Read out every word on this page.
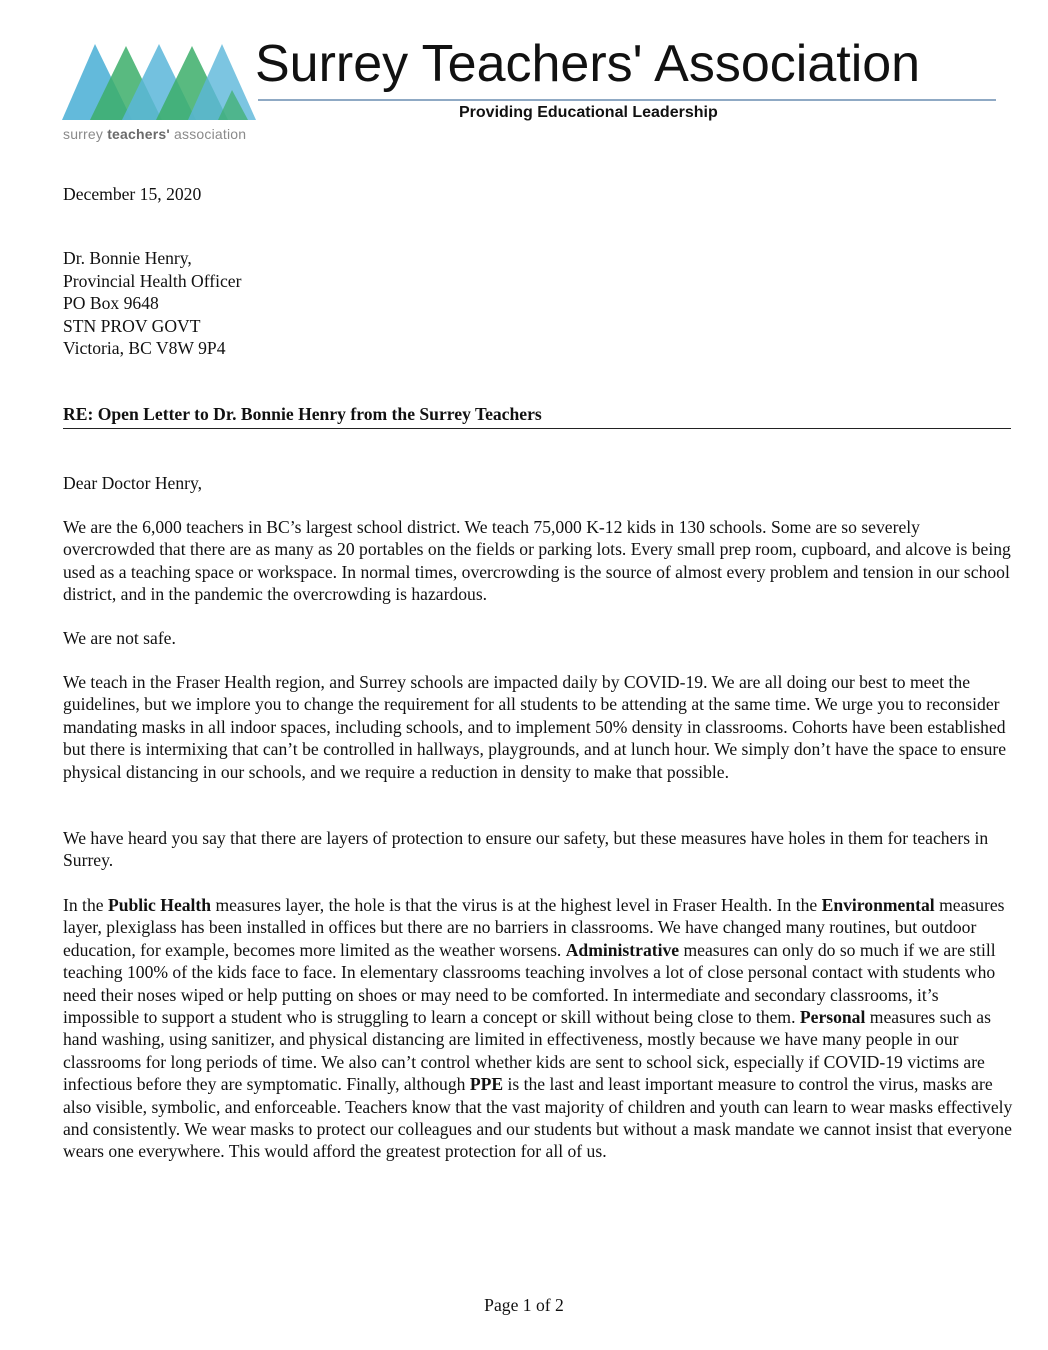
surrey teachers' association
Surrey Teachers' Association
Providing Educational Leadership
December 15, 2020
Dr. Bonnie Henry,
Provincial Health Officer
PO Box 9648
STN PROV GOVT
Victoria, BC V8W 9P4
RE: Open Letter to Dr. Bonnie Henry from the Surrey Teachers
Dear Doctor Henry,

We are the 6,000 teachers in BC’s largest school district. We teach 75,000 K-12 kids in 130 schools. Some are so severely overcrowded that there are as many as 20 portables on the fields or parking lots. Every small prep room, cupboard, and alcove is being used as a teaching space or workspace. In normal times, overcrowding is the source of almost every problem and tension in our school district, and in the pandemic the overcrowding is hazardous.

We are not safe.

We teach in the Fraser Health region, and Surrey schools are impacted daily by COVID-19. We are all doing our best to meet the guidelines, but we implore you to change the requirement for all students to be attending at the same time. We urge you to reconsider mandating masks in all indoor spaces, including schools, and to implement 50% density in classrooms. Cohorts have been established but there is intermixing that can’t be controlled in hallways, playgrounds, and at lunch hour. We simply don’t have the space to ensure physical distancing in our schools, and we require a reduction in density to make that possible.

We have heard you say that there are layers of protection to ensure our safety, but these measures have holes in them for teachers in Surrey.

In the Public Health measures layer, the hole is that the virus is at the highest level in Fraser Health. In the Environmental measures layer, plexiglass has been installed in offices but there are no barriers in classrooms. We have changed many routines, but outdoor education, for example, becomes more limited as the weather worsens. Administrative measures can only do so much if we are still teaching 100% of the kids face to face. In elementary classrooms teaching involves a lot of close personal contact with students who need their noses wiped or help putting on shoes or may need to be comforted. In intermediate and secondary classrooms, it’s impossible to support a student who is struggling to learn a concept or skill without being close to them. Personal measures such as hand washing, using sanitizer, and physical distancing are limited in effectiveness, mostly because we have many people in our classrooms for long periods of time. We also can’t control whether kids are sent to school sick, especially if COVID-19 victims are infectious before they are symptomatic. Finally, although PPE is the last and least important measure to control the virus, masks are also visible, symbolic, and enforceable. Teachers know that the vast majority of children and youth can learn to wear masks effectively and consistently. We wear masks to protect our colleagues and our students but without a mask mandate we cannot insist that everyone wears one everywhere. This would afford the greatest protection for all of us.

Page 1 of 2
